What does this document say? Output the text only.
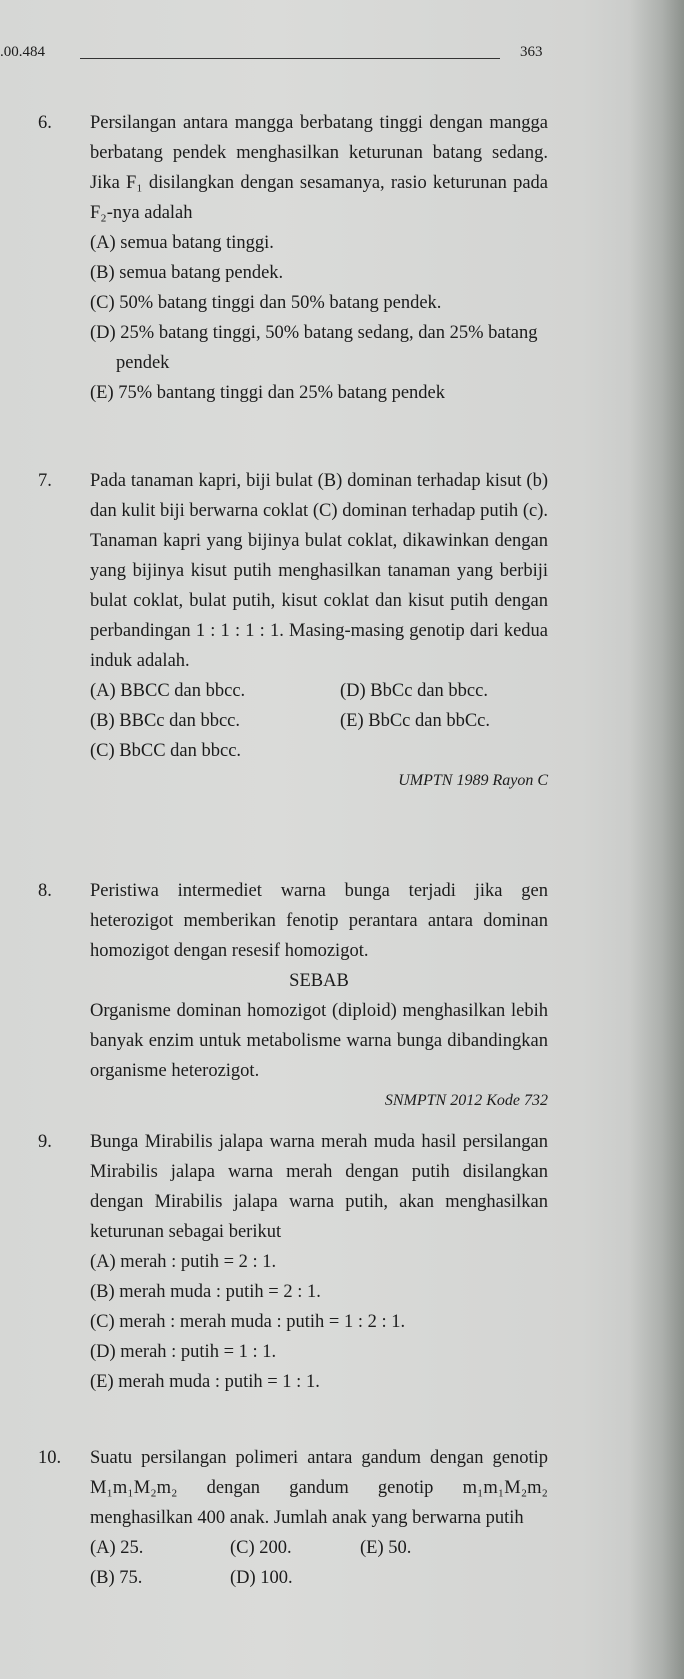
.00.484	363
6. Persilangan antara mangga berbatang tinggi dengan mangga berbatang pendek menghasilkan keturunan batang sedang. Jika F₁ disilangkan dengan sesamanya, rasio keturunan pada F₂-nya adalah
(A) semua batang tinggi.
(B) semua batang pendek.
(C) 50% batang tinggi dan 50% batang pendek.
(D) 25% batang tinggi, 50% batang sedang, dan 25% batang pendek
(E) 75% bantang tinggi dan 25% batang pendek
7. Pada tanaman kapri, biji bulat (B) dominan terhadap kisut (b) dan kulit biji berwarna coklat (C) dominan terhadap putih (c). Tanaman kapri yang bijinya bulat coklat, dikawinkan dengan yang bijinya kisut putih menghasilkan tanaman yang berbiji bulat coklat, bulat putih, kisut coklat dan kisut putih dengan perbandingan 1 : 1 : 1 : 1. Masing-masing genotip dari kedua induk adalah.
(A) BBCC dan bbcc.
(B) BBCc dan bbcc.
(C) BbCC dan bbcc.
(D) BbCc dan bbcc.
(E) BbCc dan bbCc.
UMPTN 1989 Rayon C
8. Peristiwa intermediet warna bunga terjadi jika gen heterozigot memberikan fenotip perantara antara dominan homozigot dengan resesif homozigot.
SEBAB
Organisme dominan homozigot (diploid) menghasilkan lebih banyak enzim untuk metabolisme warna bunga dibandingkan organisme heterozigot.
SNMPTN 2012 Kode 732
9. Bunga Mirabilis jalapa warna merah muda hasil persilangan Mirabilis jalapa warna merah dengan putih disilangkan dengan Mirabilis jalapa warna putih, akan menghasilkan keturunan sebagai berikut
(A) merah : putih = 2 : 1.
(B) merah muda : putih = 2 : 1.
(C) merah : merah muda : putih = 1 : 2 : 1.
(D) merah : putih = 1 : 1.
(E) merah muda : putih = 1 : 1.
10. Suatu persilangan polimeri antara gandum dengan genotip M₁m₁M₂m₂ dengan gandum genotip m₁m₁M₂m₂ menghasilkan 400 anak. Jumlah anak yang berwarna putih
(A) 25.
(B) 75.
(C) 200.
(D) 100.
(E) 50.
